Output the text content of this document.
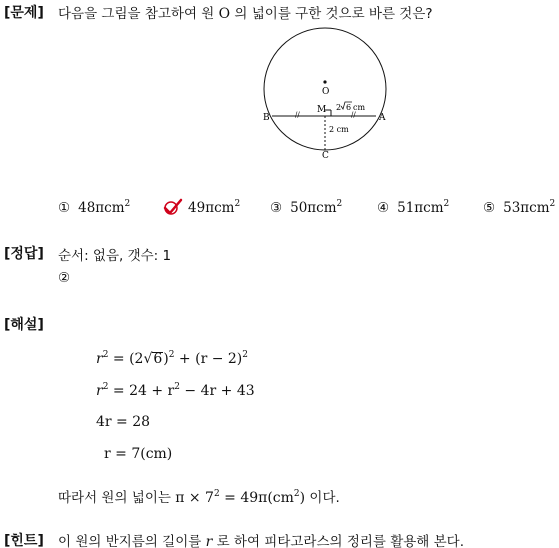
[문제] 다음을 그림을 참고하여 원 O 의 넓이를 구한 것으로 바른 것은?
O
B	A
M
C
//	//
2 6 cm
2 cm
① 48πcm$^2$	49πcm$^2$ ③ 50πcm$^2$	④ 51πcm$^2$ ⑤ 53πcm$^2$
[정답] 순서: 없음, 갯수: 1
②
[해설]
$r^2 = (2√6)^2 + (r - 2)^2$
$r^2 = 24 + r^2 - 4r + 43$
4r = 28
r = 7(cm)
따라서 원의 넓이는 $\pi \times 7^2 = 49\pi(cm^2)$ 이다.
[힌트] 이 원의 반지름의 길이를 r 로 하여 피타고라스의 정리를 활용해 본다.
